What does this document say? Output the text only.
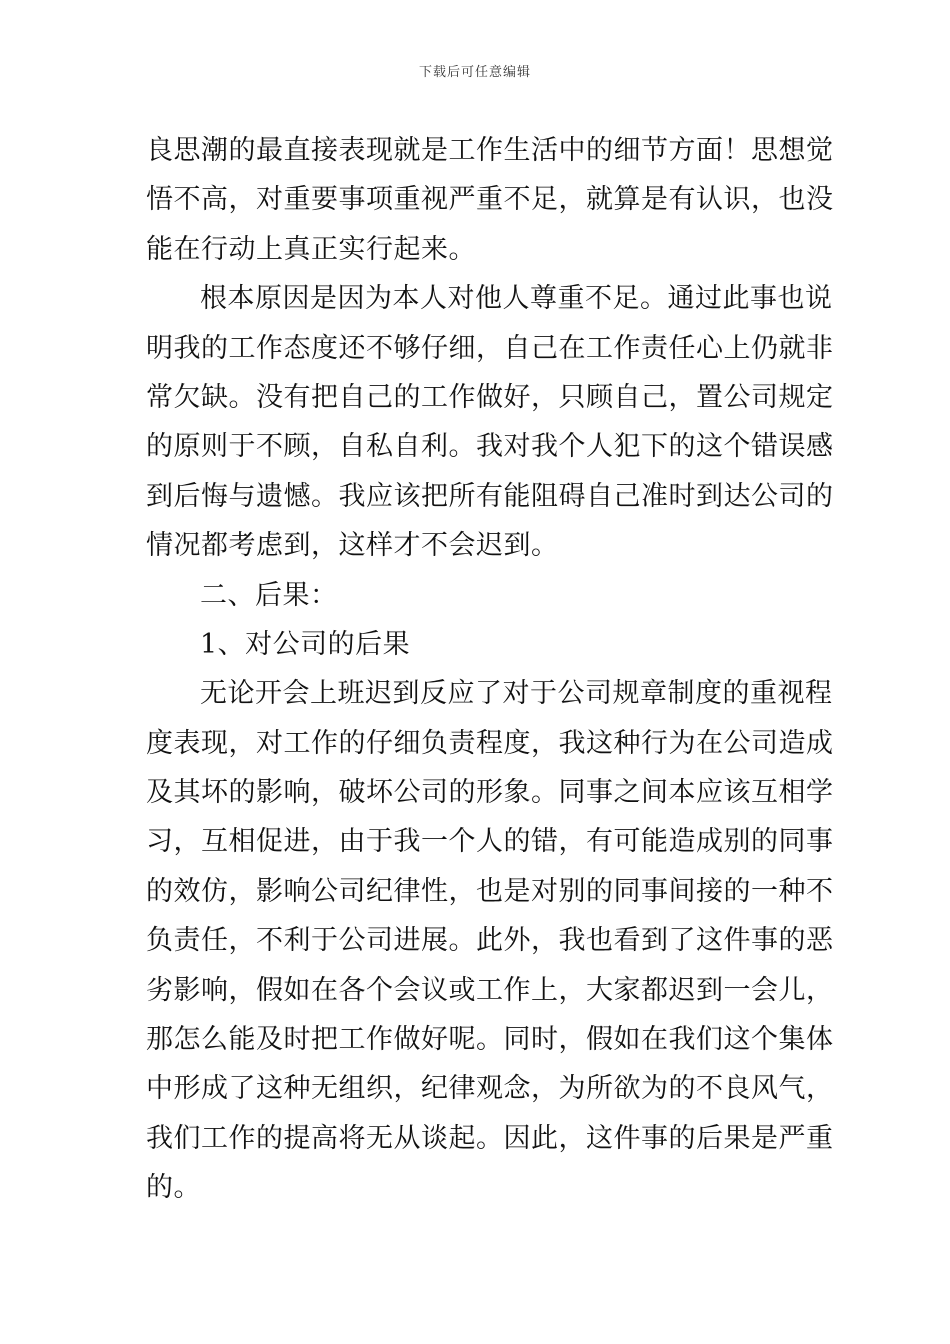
下载后可任意编辑
良思潮的最直接表现就是工作生活中的细节方面！思想觉
悟不高，对重要事项重视严重不足，就算是有认识，也没
能在行动上真正实行起来。
根本原因是因为本人对他人尊重不足。通过此事也说
明我的工作态度还不够仔细，自己在工作责任心上仍就非
常欠缺。没有把自己的工作做好，只顾自己，置公司规定
的原则于不顾，自私自利。我对我个人犯下的这个错误感
到后悔与遗憾。我应该把所有能阻碍自己准时到达公司的
情况都考虑到，这样才不会迟到。
二、后果：
1、对公司的后果
无论开会上班迟到反应了对于公司规章制度的重视程
度表现，对工作的仔细负责程度，我这种行为在公司造成
及其坏的影响，破坏公司的形象。同事之间本应该互相学
习，互相促进，由于我一个人的错，有可能造成别的同事
的效仿，影响公司纪律性，也是对别的同事间接的一种不
负责任，不利于公司进展。此外，我也看到了这件事的恶
劣影响，假如在各个会议或工作上，大家都迟到一会儿，
那怎么能及时把工作做好呢。同时，假如在我们这个集体
中形成了这种无组织，纪律观念，为所欲为的不良风气，
我们工作的提高将无从谈起。因此，这件事的后果是严重
的。
